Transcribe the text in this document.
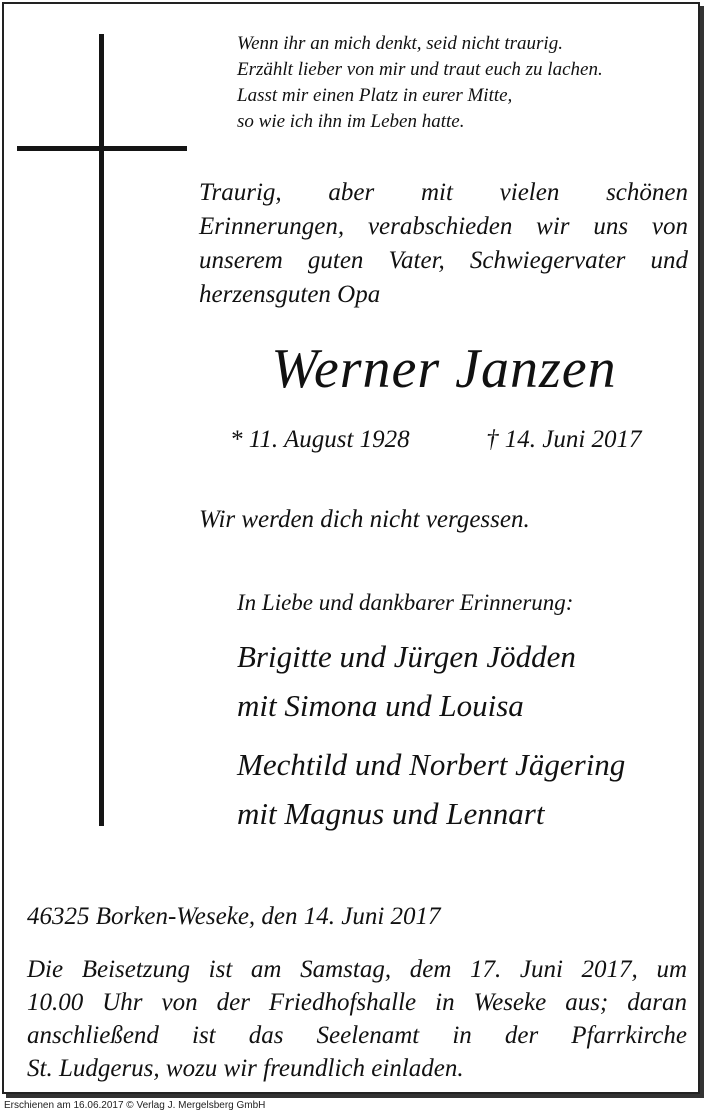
Wenn ihr an mich denkt, seid nicht traurig.
Erzählt lieber von mir und traut euch zu lachen.
Lasst mir einen Platz in eurer Mitte,
so wie ich ihn im Leben hatte.
Traurig, aber mit vielen schönen
Erinnerungen, verabschieden wir uns von
unserem guten Vater, Schwiegervater und
herzensguten Opa
Werner Janzen
* 11. August 1928	† 14. Juni 2017
Wir werden dich nicht vergessen.
In Liebe und dankbarer Erinnerung:
Brigitte und Jürgen Jödden
mit Simona und Louisa
Mechtild und Norbert Jägering
mit Magnus und Lennart
46325 Borken-Weseke, den 14. Juni 2017
Die Beisetzung ist am Samstag, dem 17. Juni 2017, um
10.00 Uhr von der Friedhofshalle in Weseke aus; daran
anschließend ist das Seelenamt in der Pfarrkirche
St. Ludgerus, wozu wir freundlich einladen.
Erschienen am 16.06.2017 © Verlag J. Mergelsberg GmbH
